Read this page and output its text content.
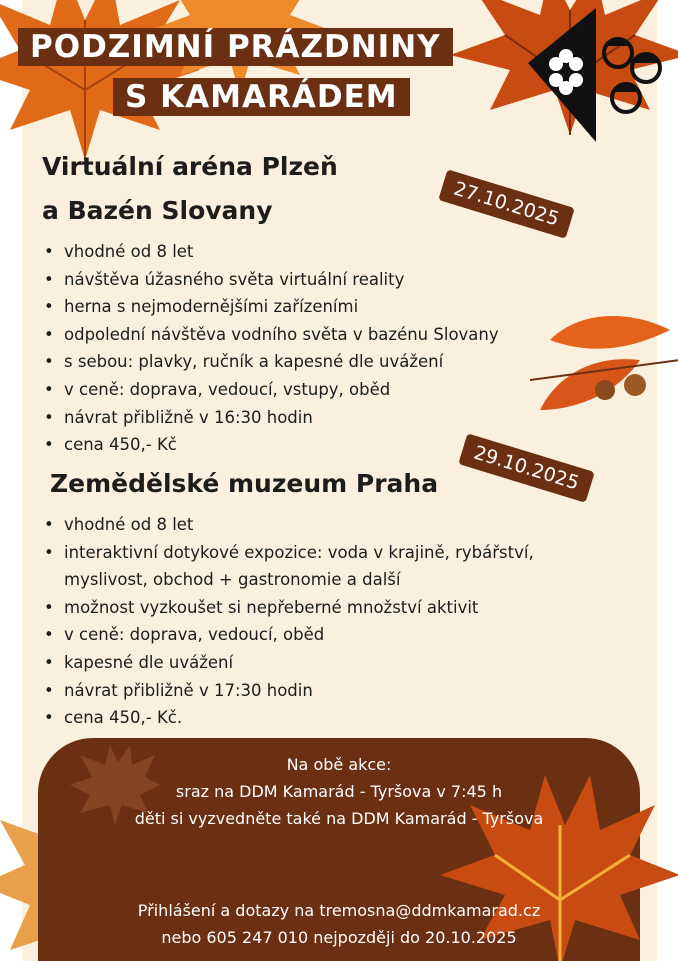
PODZIMNÍ PRÁZDNINY
S KAMARÁDEM
Virtuální aréna Plzeň
a Bazén Slovany	27.10.2025
• vhodné od 8 let
• návštěva úžasného světa virtuální reality
• herna s nejmodernějšími zařízeními
• odpolední návštěva vodního světa v bazénu Slovany
• s sebou: plavky, ručník a kapesné dle uvážení
• v ceně: doprava, vedoucí, vstupy, oběd
• návrat přibližně v 16:30 hodin
• cena 450,- Kč	29.10.2025
Zemědělské muzeum Praha
• vhodné od 8 let
• interaktivní dotykové expozice: voda v krajině, rybářství,
myslivost, obchod + gastronomie a další
• možnost vyzkoušet si nepřeberné množství aktivit
• v ceně: doprava, vedoucí, oběd
• kapesné dle uvážení
• návrat přibližně v 17:30 hodin
• cena 450,- Kč.
Na obě akce:
sraz na DDM Kamarád - Tyršova v 7:45 h
děti si vyzvedněte také na DDM Kamarád - Tyršova
Přihlášení a dotazy na tremosna@ddmkamarad.cz
nebo 605 247 010 nejpozději do 20.10.2025
